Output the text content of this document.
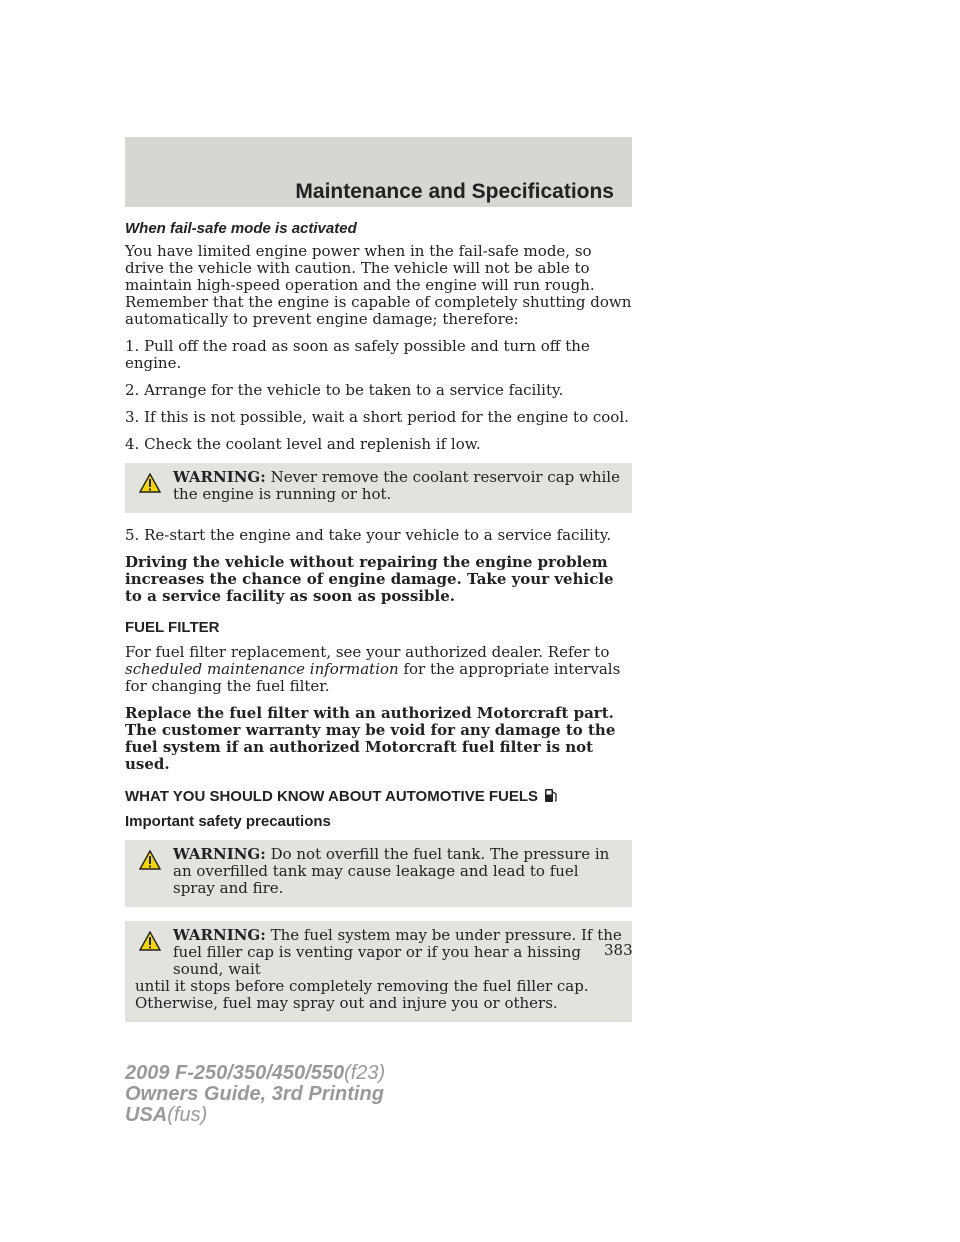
Maintenance and Specifications
When fail-safe mode is activated

You have limited engine power when in the fail-safe mode, so drive the vehicle with caution. The vehicle will not be able to maintain high-speed operation and the engine will run rough. Remember that the engine is capable of completely shutting down automatically to prevent engine damage; therefore:

1. Pull off the road as soon as safely possible and turn off the engine.

2. Arrange for the vehicle to be taken to a service facility.

3. If this is not possible, wait a short period for the engine to cool.

4. Check the coolant level and replenish if low.

WARNING: Never remove the coolant reservoir cap while the engine is running or hot.

5. Re-start the engine and take your vehicle to a service facility.

Driving the vehicle without repairing the engine problem increases the chance of engine damage. Take your vehicle to a service facility as soon as possible.

FUEL FILTER

For fuel filter replacement, see your authorized dealer. Refer to scheduled maintenance information for the appropriate intervals for changing the fuel filter.

Replace the fuel filter with an authorized Motorcraft part. The customer warranty may be void for any damage to the fuel system if an authorized Motorcraft fuel filter is not used.

WHAT YOU SHOULD KNOW ABOUT AUTOMOTIVE FUELS
Important safety precautions
WARNING: Do not overfill the fuel tank. The pressure in an overfilled tank may cause leakage and lead to fuel spray and fire.
WARNING: The fuel system may be under pressure. If the fuel filler cap is venting vapor or if you hear a hissing sound, wait
until it stops before completely removing the fuel filler cap. Otherwise, fuel may spray out and injure you or others.
383
2009 F-250/350/450/550(f23)
Owners Guide, 3rd Printing
USA(fus)
